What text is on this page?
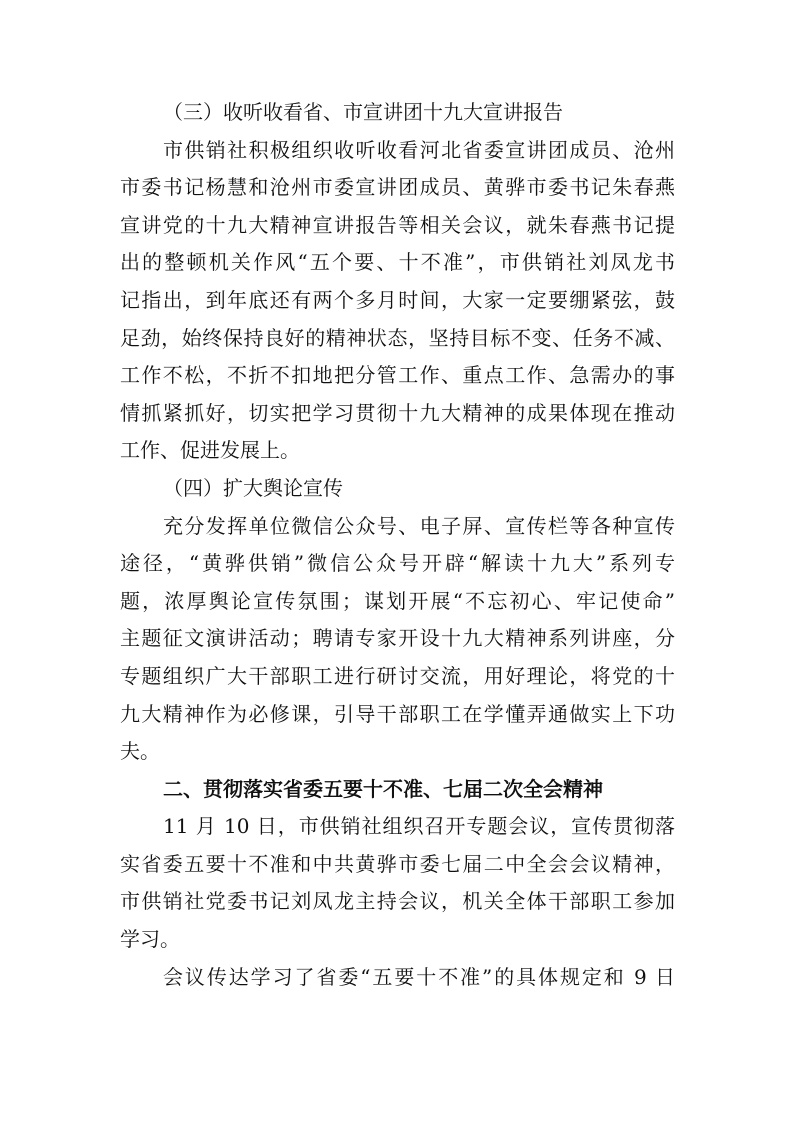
（三）收听收看省、市宣讲团十九大宣讲报告
市供销社积极组织收听收看河北省委宣讲团成员、沧州
市委书记杨慧和沧州市委宣讲团成员、黄骅市委书记朱春燕
宣讲党的十九大精神宣讲报告等相关会议，就朱春燕书记提
出的整顿机关作风“五个要、十不准”，市供销社刘凤龙书
记指出，到年底还有两个多月时间，大家一定要绷紧弦，鼓
足劲，始终保持良好的精神状态，坚持目标不变、任务不减、
工作不松，不折不扣地把分管工作、重点工作、急需办的事
情抓紧抓好，切实把学习贯彻十九大精神的成果体现在推动
工作、促进发展上。
（四）扩大舆论宣传
充分发挥单位微信公众号、电子屏、宣传栏等各种宣传
途径，“黄骅供销”微信公众号开辟“解读十九大”系列专
题，浓厚舆论宣传氛围；谋划开展“不忘初心、牢记使命”
主题征文演讲活动；聘请专家开设十九大精神系列讲座，分
专题组织广大干部职工进行研讨交流，用好理论，将党的十
九大精神作为必修课，引导干部职工在学懂弄通做实上下功
夫。
二、贯彻落实省委五要十不准、七届二次全会精神
11 月 10 日，市供销社组织召开专题会议，宣传贯彻落
实省委五要十不准和中共黄骅市委七届二中全会会议精神，
市供销社党委书记刘凤龙主持会议，机关全体干部职工参加
学习。
会议传达学习了省委“五要十不准”的具体规定和 9 日
